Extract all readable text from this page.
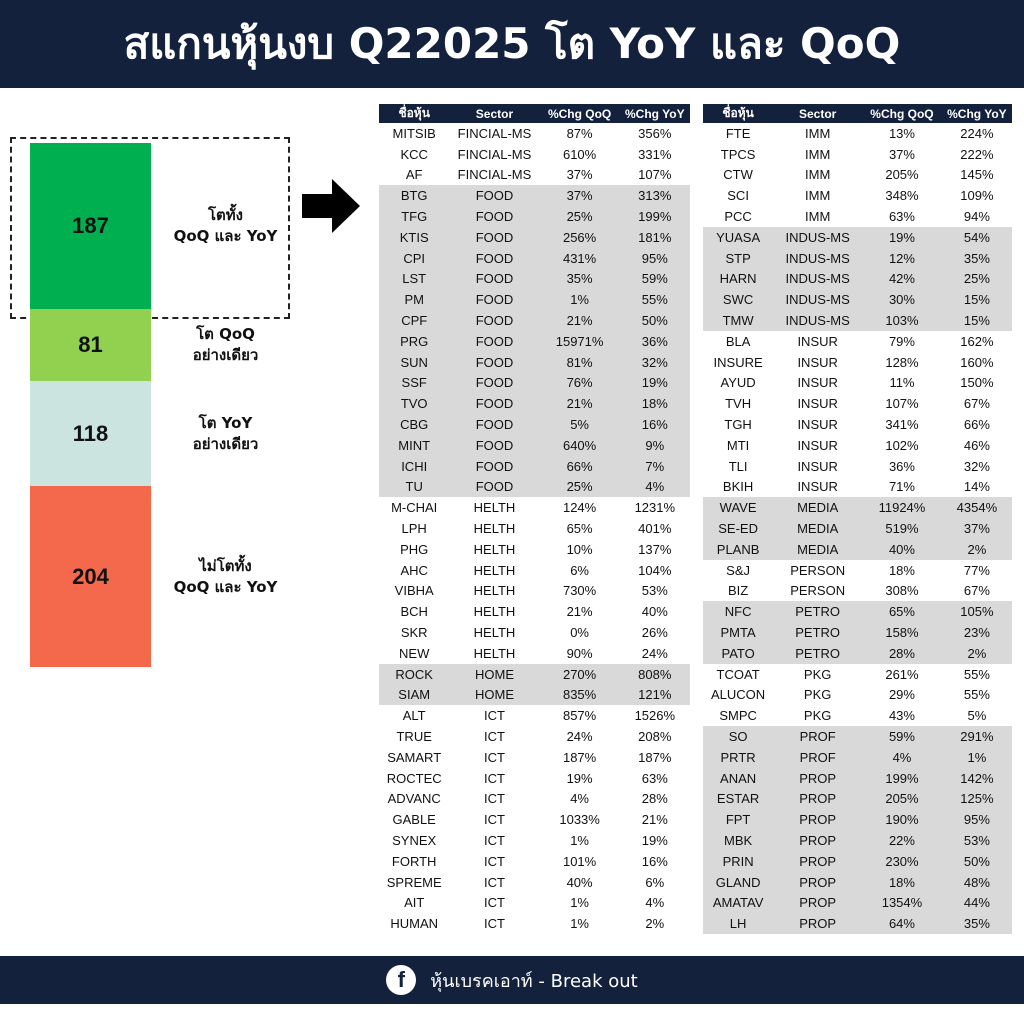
สแกนหุ้นงบ Q22025 โต YoY และ QoQ
187	โตทั้ง
QoQ และ YoY
81	โต QoQ
อย่างเดียว
118	โต YoY
อย่างเดียว
204	ไม่โตทั้ง
QoQ และ YoY
ชื่อหุ้น	Sector	%Chg QoQ	%Chg YoY
MITSIB	FINCIAL-MS	87%	356%
KCC	FINCIAL-MS	610%	331%
AF	FINCIAL-MS	37%	107%
BTG	FOOD	37%	313%
TFG	FOOD	25%	199%
KTIS	FOOD	256%	181%
CPI	FOOD	431%	95%
LST	FOOD	35%	59%
PM	FOOD	1%	55%
CPF	FOOD	21%	50%
PRG	FOOD	15971%	36%
SUN	FOOD	81%	32%
SSF	FOOD	76%	19%
TVO	FOOD	21%	18%
CBG	FOOD	5%	16%
MINT	FOOD	640%	9%
ICHI	FOOD	66%	7%
TU	FOOD	25%	4%
M-CHAI	HELTH	124%	1231%
LPH	HELTH	65%	401%
PHG	HELTH	10%	137%
AHC	HELTH	6%	104%
VIBHA	HELTH	730%	53%
BCH	HELTH	21%	40%
SKR	HELTH	0%	26%
NEW	HELTH	90%	24%
ROCK	HOME	270%	808%
SIAM	HOME	835%	121%
ALT	ICT	857%	1526%
TRUE	ICT	24%	208%
SAMART	ICT	187%	187%
ROCTEC	ICT	19%	63%
ADVANC	ICT	4%	28%
GABLE	ICT	1033%	21%
SYNEX	ICT	1%	19%
FORTH	ICT	101%	16%
SPREME	ICT	40%	6%
AIT	ICT	1%	4%
HUMAN	ICT	1%	2%
ชื่อหุ้น	Sector	%Chg QoQ	%Chg YoY
FTE	IMM	13%	224%
TPCS	IMM	37%	222%
CTW	IMM	205%	145%
SCI	IMM	348%	109%
PCC	IMM	63%	94%
YUASA	INDUS-MS	19%	54%
STP	INDUS-MS	12%	35%
HARN	INDUS-MS	42%	25%
SWC	INDUS-MS	30%	15%
TMW	INDUS-MS	103%	15%
BLA	INSUR	79%	162%
INSURE	INSUR	128%	160%
AYUD	INSUR	11%	150%
TVH	INSUR	107%	67%
TGH	INSUR	341%	66%
MTI	INSUR	102%	46%
TLI	INSUR	36%	32%
BKIH	INSUR	71%	14%
WAVE	MEDIA	11924%	4354%
SE-ED	MEDIA	519%	37%
PLANB	MEDIA	40%	2%
S&J	PERSON	18%	77%
BIZ	PERSON	308%	67%
NFC	PETRO	65%	105%
PMTA	PETRO	158%	23%
PATO	PETRO	28%	2%
TCOAT	PKG	261%	55%
ALUCON	PKG	29%	55%
SMPC	PKG	43%	5%
SO	PROF	59%	291%
PRTR	PROF	4%	1%
ANAN	PROP	199%	142%
ESTAR	PROP	205%	125%
FPT	PROP	190%	95%
MBK	PROP	22%	53%
PRIN	PROP	230%	50%
GLAND	PROP	18%	48%
AMATAV	PROP	1354%	44%
LH	PROP	64%	35%
f	หุ้นเบรคเอาท์ - Break out
